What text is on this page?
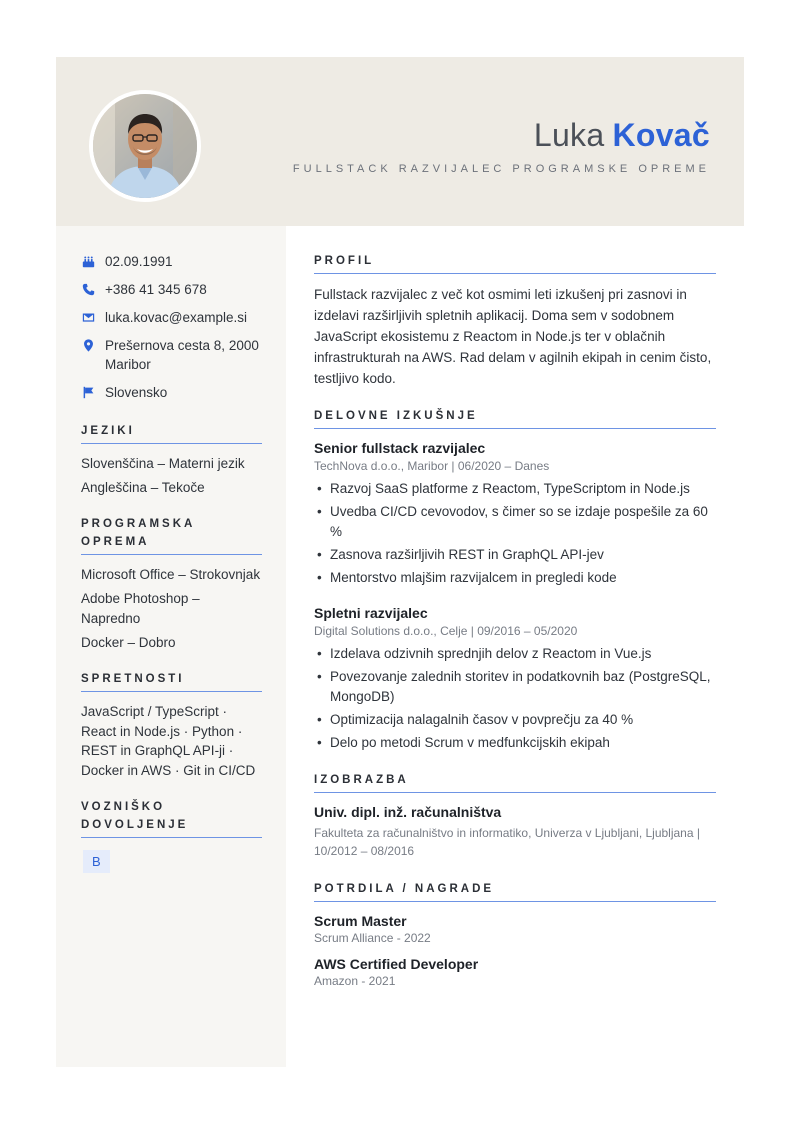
Luka Kovač
FULLSTACK RAZVIJALEC PROGRAMSKE OPREME
02.09.1991
+386 41 345 678
luka.kovac@example.si
Prešernova cesta 8, 2000 Maribor
Slovensko
JEZIKI
Slovenščina – Materni jezik
Angleščina – Tekoče
PROGRAMSKA OPREMA
Microsoft Office – Strokovnjak
Adobe Photoshop – Napredno
Docker – Dobro
SPRETNOSTI
JavaScript / TypeScript · React in Node.js · Python · REST in GraphQL API-ji · Docker in AWS · Git in CI/CD
VOZNIŠKO DOVOLJENJE
B
PROFIL
Fullstack razvijalec z več kot osmimi leti izkušenj pri zasnovi in izdelavi razširljivih spletnih aplikacij. Doma sem v sodobnem JavaScript ekosistemu z Reactom in Node.js ter v oblačnih infrastrukturah na AWS. Rad delam v agilnih ekipah in cenim čisto, testljivo kodo.
DELOVNE IZKUŠNJE
Senior fullstack razvijalec
TechNova d.o.o., Maribor | 06/2020 – Danes
• Razvoj SaaS platforme z Reactom, TypeScriptom in Node.js
• Uvedba CI/CD cevovodov, s čimer so se izdaje pospešile za 60 %
• Zasnova razširljivih REST in GraphQL API-jev
• Mentorstvo mlajšim razvijalcem in pregledi kode
Spletni razvijalec
Digital Solutions d.o.o., Celje | 09/2016 – 05/2020
• Izdelava odzivnih sprednjih delov z Reactom in Vue.js
• Povezovanje zalednih storitev in podatkovnih baz (PostgreSQL, MongoDB)
• Optimizacija nalagalnih časov v povprečju za 40 %
• Delo po metodi Scrum v medfunkcijskih ekipah
IZOBRAZBA
Univ. dipl. inž. računalništva
Fakulteta za računalništvo in informatiko, Univerza v Ljubljani, Ljubljana | 10/2012 – 08/2016
POTRDILA / NAGRADE
Scrum Master
Scrum Alliance - 2022
AWS Certified Developer
Amazon - 2021
